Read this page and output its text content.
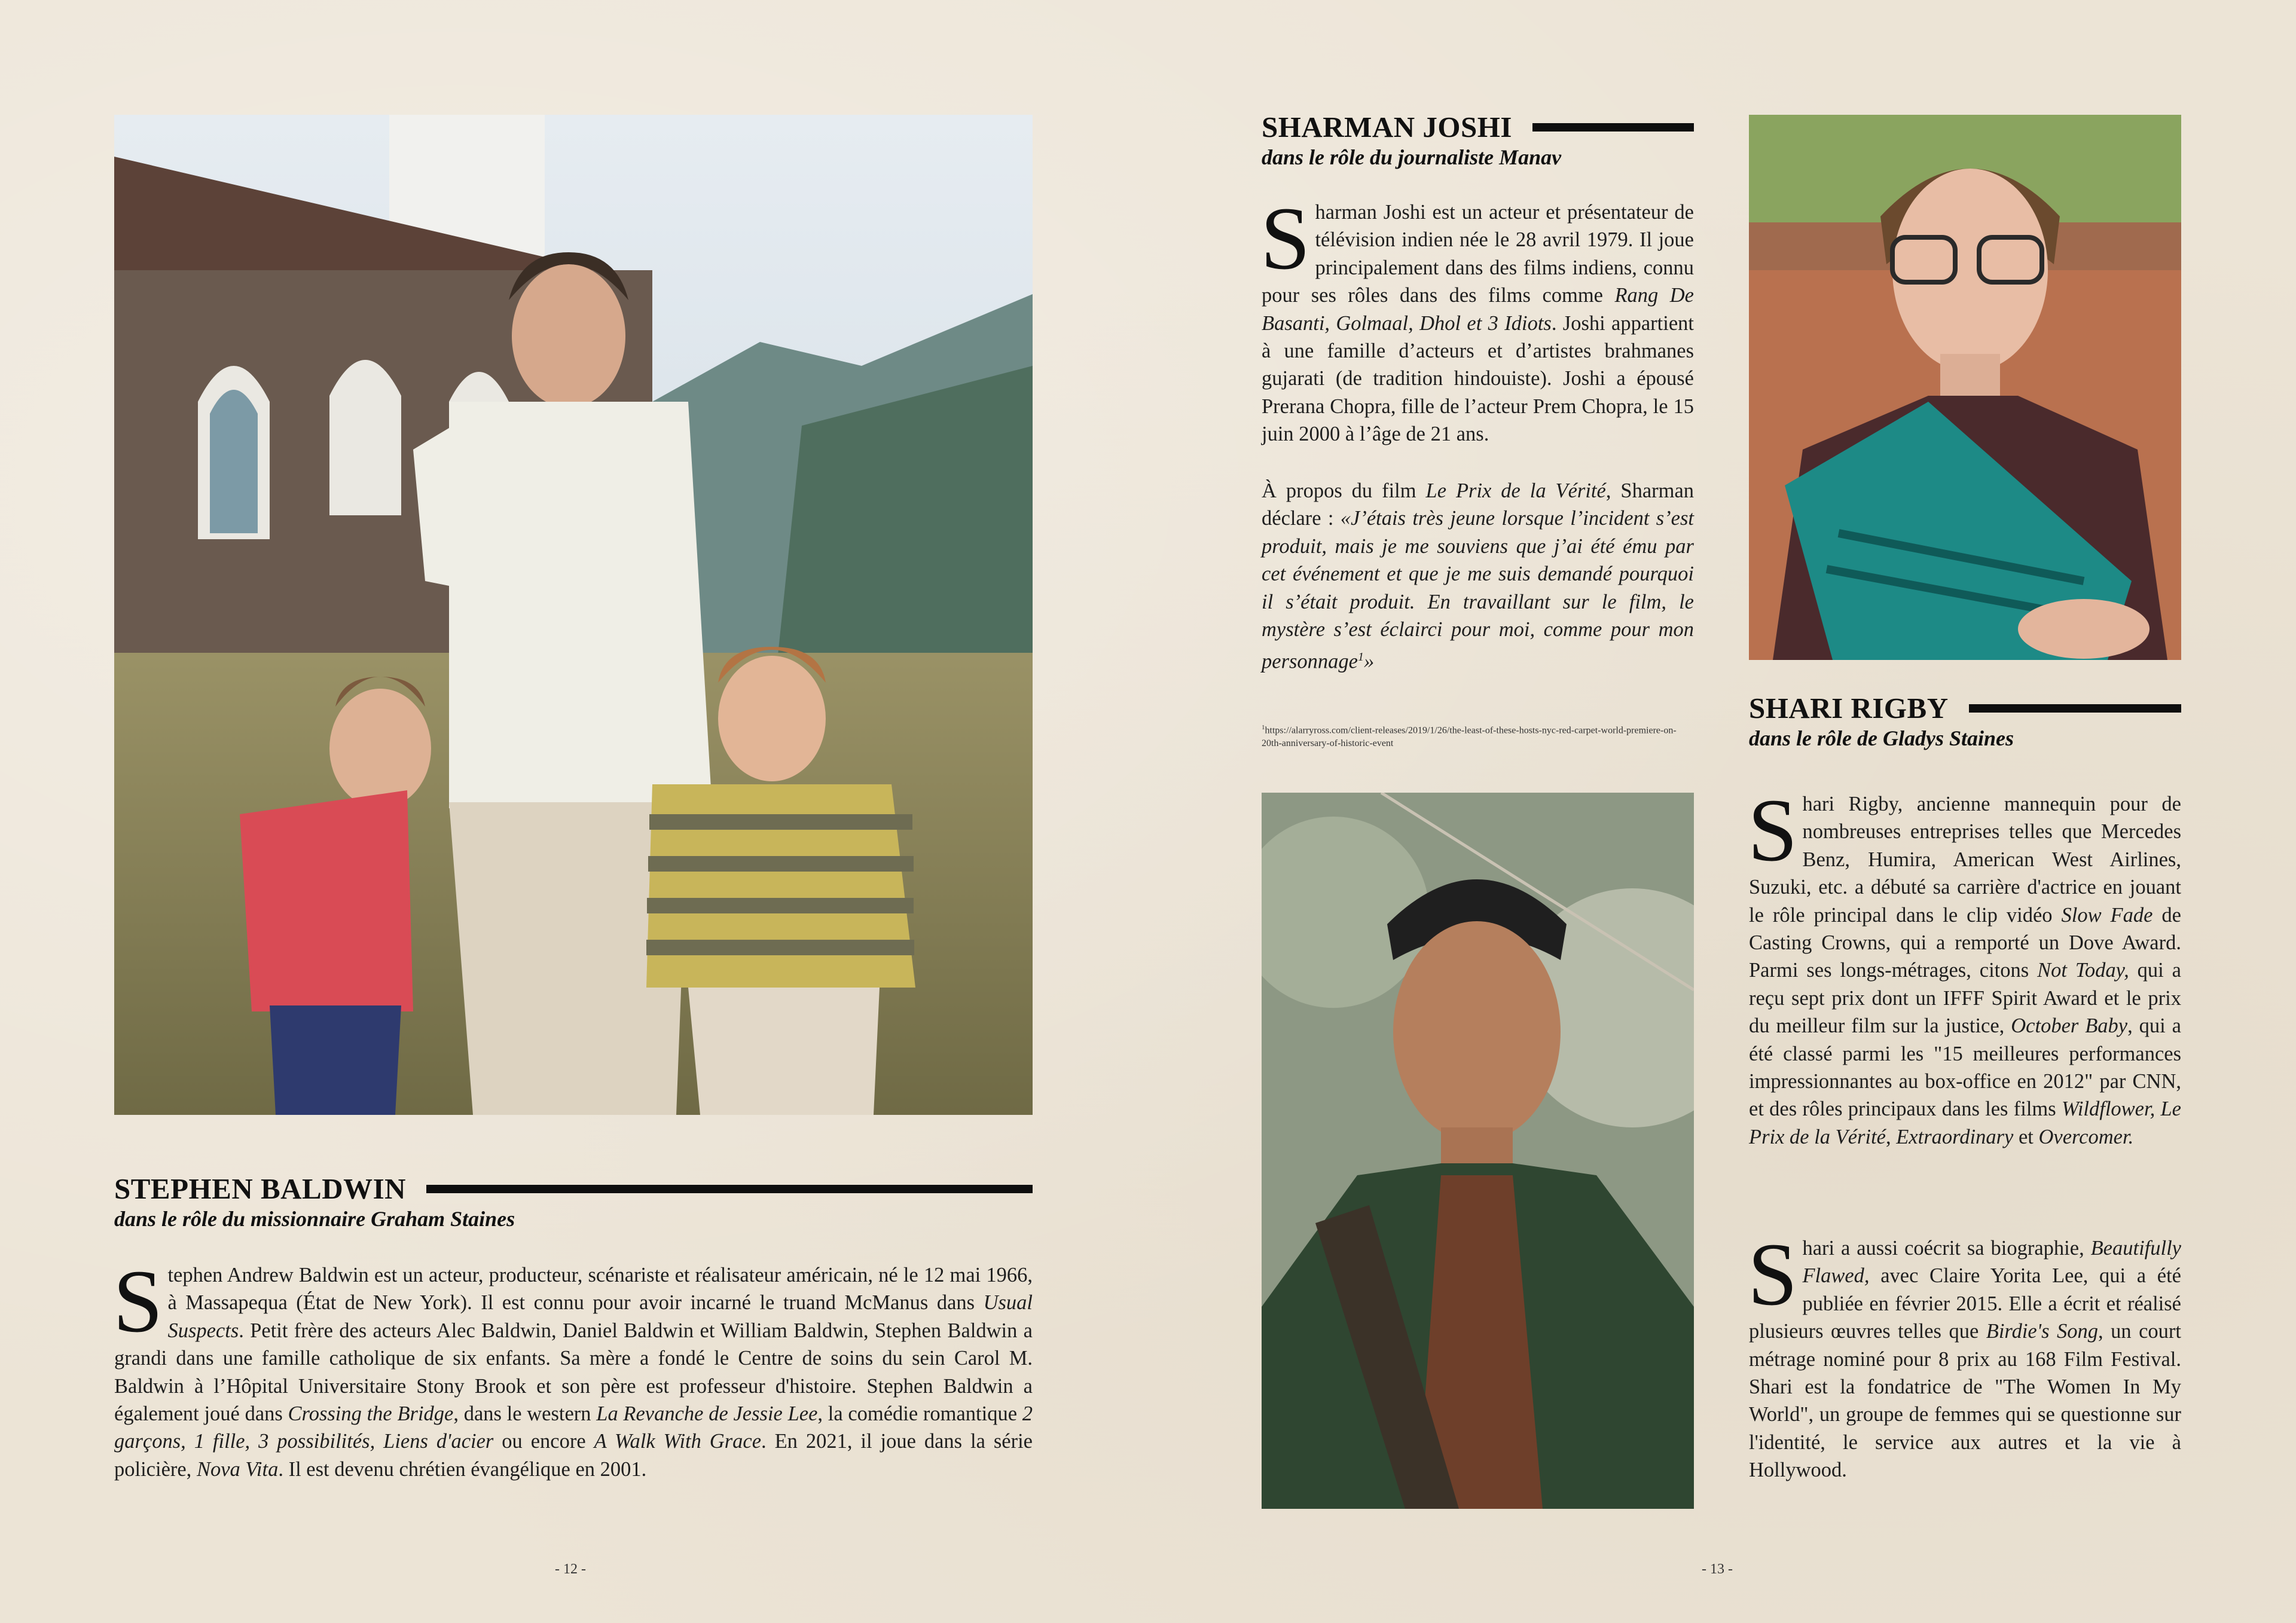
STEPHEN BALDWIN

dans le rôle du missionnaire Graham Staines

Stephen Andrew Baldwin est un acteur, producteur, scénariste et réalisateur américain, né le 12 mai 1966, à Massapequa (État de New York). Il est connu pour avoir incarné le truand McManus dans Usual Suspects. Petit frère des acteurs Alec Baldwin, Daniel Baldwin et William Baldwin, Stephen Baldwin a grandi dans une famille catholique de six enfants. Sa mère a fondé le Centre de soins du sein Carol M. Baldwin à l’Hôpital Universitaire Stony Brook et son père est professeur d'histoire. Stephen Baldwin a également joué dans Crossing the Bridge, dans le western La Revanche de Jessie Lee, la comédie romantique 2 garçons, 1 fille, 3 possibilités, Liens d'acier ou encore A Walk With Grace. En 2021, il joue dans la série policière, Nova Vita. Il est devenu chrétien évangélique en 2001.

- 12 -
SHARMAN JOSHI

dans le rôle du journaliste Manav

Sharman Joshi est un acteur et présentateur de télévision indien née le 28 avril 1979. Il joue principalement dans des films indiens, connu pour ses rôles dans des films comme Rang De Basanti, Golmaal, Dhol et 3 Idiots. Joshi appartient à une famille d’acteurs et d’artistes brahmanes gujarati (de tradition hindouiste). Joshi a épousé Prerana Chopra, fille de l’acteur Prem Chopra, le 15 juin 2000 à l’âge de 21 ans.

À propos du film Le Prix de la Vérité, Sharman déclare : «J’étais très jeune lorsque l’incident s’est produit, mais je me souviens que j’ai été ému par cet événement et que je me suis demandé pourquoi il s’était produit. En travaillant sur le film, le mystère s’est éclairci pour moi, comme pour mon personnage$^1$»

$^1$https://alarryross.com/client-releases/2019/1/26/the-least-of-these-hosts-nyc-red-carpet-world-premiere-on-20th-anniversary-of-historic-event

SHARI RIGBY

dans le rôle de Gladys Staines

Shari Rigby, ancienne mannequin pour de nombreuses entreprises telles que Mercedes Benz, Humira, American West Airlines, Suzuki, etc. a débuté sa carrière d'actrice en jouant le rôle principal dans le clip vidéo Slow Fade de Casting Crowns, qui a remporté un Dove Award. Parmi ses longs-métrages, citons Not Today, qui a reçu sept prix dont un IFFF Spirit Award et le prix du meilleur film sur la justice, October Baby, qui a été classé parmi les "15 meilleures performances impressionnantes au box-office en 2012" par CNN, et des rôles principaux dans les films Wildflower, Le Prix de la Vérité, Extraordinary et Overcomer.

Shari a aussi coécrit sa biographie, Beautifully Flawed, avec Claire Yorita Lee, qui a été publiée en février 2015. Elle a écrit et réalisé plusieurs œuvres telles que Birdie's Song, un court métrage nominé pour 8 prix au 168 Film Festival. Shari est la fondatrice de "The Women In My World", un groupe de femmes qui se questionne sur l'identité, le service aux autres et la vie à Hollywood.

- 13 -
